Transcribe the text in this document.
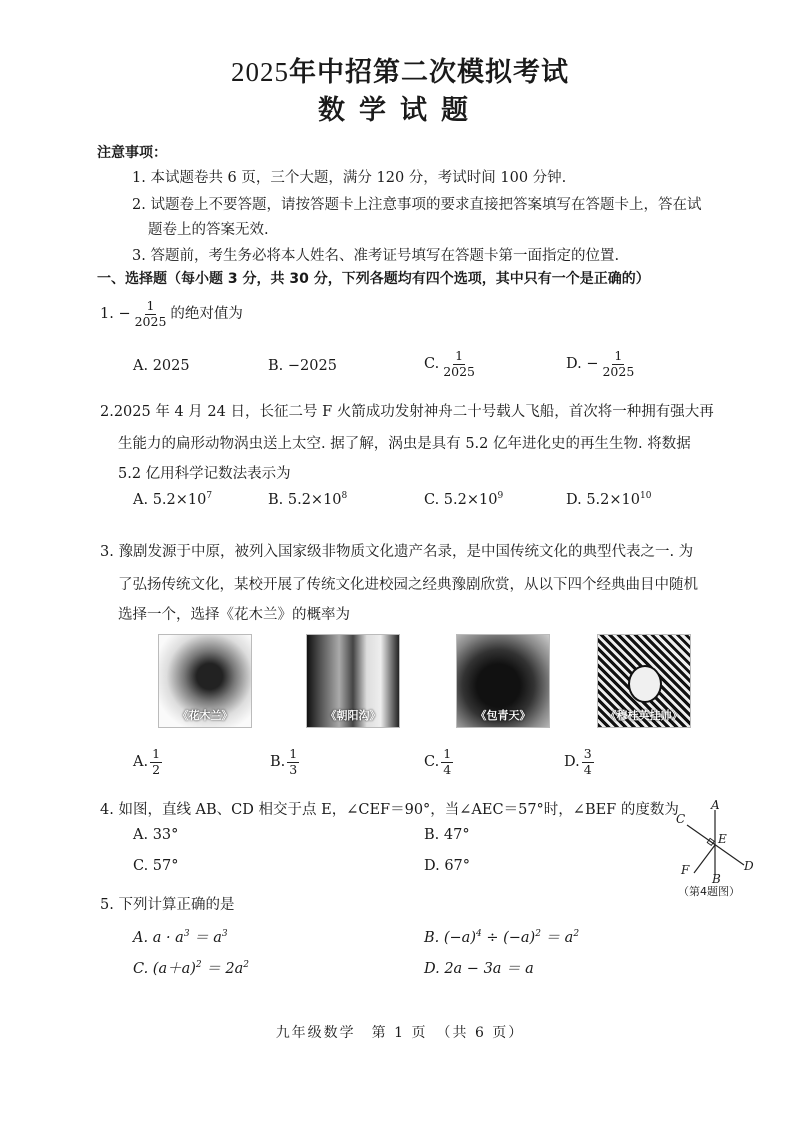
2025年中招第二次模拟考试
数学试题
注意事项：
1. 本试题卷共 6 页，三个大题，满分 120 分，考试时间 100 分钟.
2. 试题卷上不要答题，请按答题卡上注意事项的要求直接把答案填写在答题卡上，答在试
题卷上的答案无效.
3. 答题前，考生务必将本人姓名、准考证号填写在答题卡第一面指定的位置.
一、选择题（每小题 3 分，共 30 分，下列各题均有四个选项，其中只有一个是正确的）
1. − $\frac{1}{2025}$ 的绝对值为
A. 2025	B. −2025	C. $\frac{1}{2025}$	D. − $\frac{1}{2025}$
2.2025 年 4 月 24 日，长征二号 F 火箭成功发射神舟二十号载人飞船，首次将一种拥有强大再
生能力的扁形动物涡虫送上太空. 据了解，涡虫是具有 5.2 亿年进化史的再生生物. 将数据
5.2 亿用科学记数法表示为
A. $5.2\times 10^7$	B. $5.2\times 10^8$	C. $5.2\times 10^9$	D. $5.2\times 10^{10}$
3. 豫剧发源于中原，被列入国家级非物质文化遗产名录，是中国传统文化的典型代表之一. 为
了弘扬传统文化，某校开展了传统文化进校园之经典豫剧欣赏，从以下四个经典曲目中随机
选择一个，选择《花木兰》的概率为
《花木兰》	《朝阳沟》	《包青天》	《穆桂英挂帅》
A. $\frac{1}{2}$	B. $\frac{1}{3}$	C. $\frac{1}{4}$	D. $\frac{3}{4}$
4. 如图，直线 AB、CD 相交于点 E，∠CEF＝90°，当∠AEC＝57°时，∠BEF 的度数为
A. 33°	B. 47°
C. 57°	D. 67°
A
C
E
D
F
B
（第4题图）
5. 下列计算正确的是
A. $a \cdot a^3 = a^3$	B. $(-a)^4 \div (-a)^2 = a^2$
C. $(a+a)^2 = 2a^2$	D. 2a − 3a ＝ a
九年级数学　第 1 页　（共 6 页）
